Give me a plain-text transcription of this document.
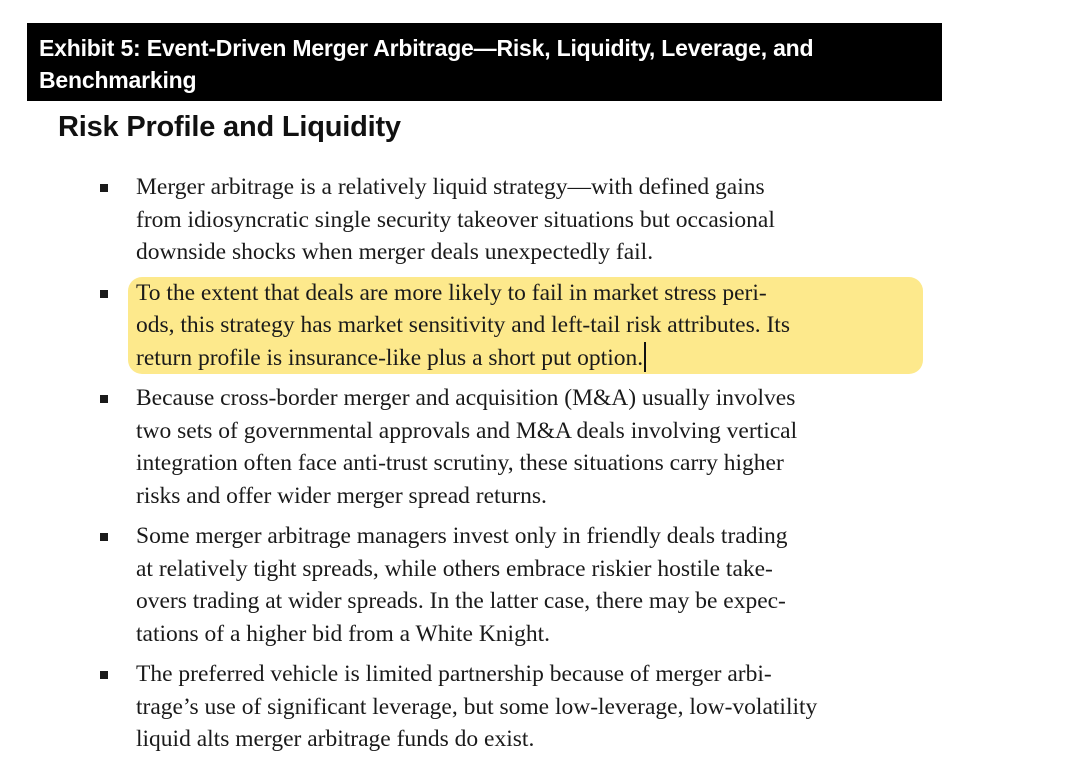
Exhibit 5: Event-Driven Merger Arbitrage—Risk, Liquidity, Leverage, and Benchmarking
Risk Profile and Liquidity
Merger arbitrage is a relatively liquid strategy—with defined gains
from idiosyncratic single security takeover situations but occasional
downside shocks when merger deals unexpectedly fail.
To the extent that deals are more likely to fail in market stress peri-
ods, this strategy has market sensitivity and left-tail risk attributes. Its
return profile is insurance-like plus a short put option.
Because cross-border merger and acquisition (M&A) usually involves
two sets of governmental approvals and M&A deals involving vertical
integration often face anti-trust scrutiny, these situations carry higher
risks and offer wider merger spread returns.
Some merger arbitrage managers invest only in friendly deals trading
at relatively tight spreads, while others embrace riskier hostile take-
overs trading at wider spreads. In the latter case, there may be expec-
tations of a higher bid from a White Knight.
The preferred vehicle is limited partnership because of merger arbi-
trage’s use of significant leverage, but some low-leverage, low-volatility
liquid alts merger arbitrage funds do exist.
